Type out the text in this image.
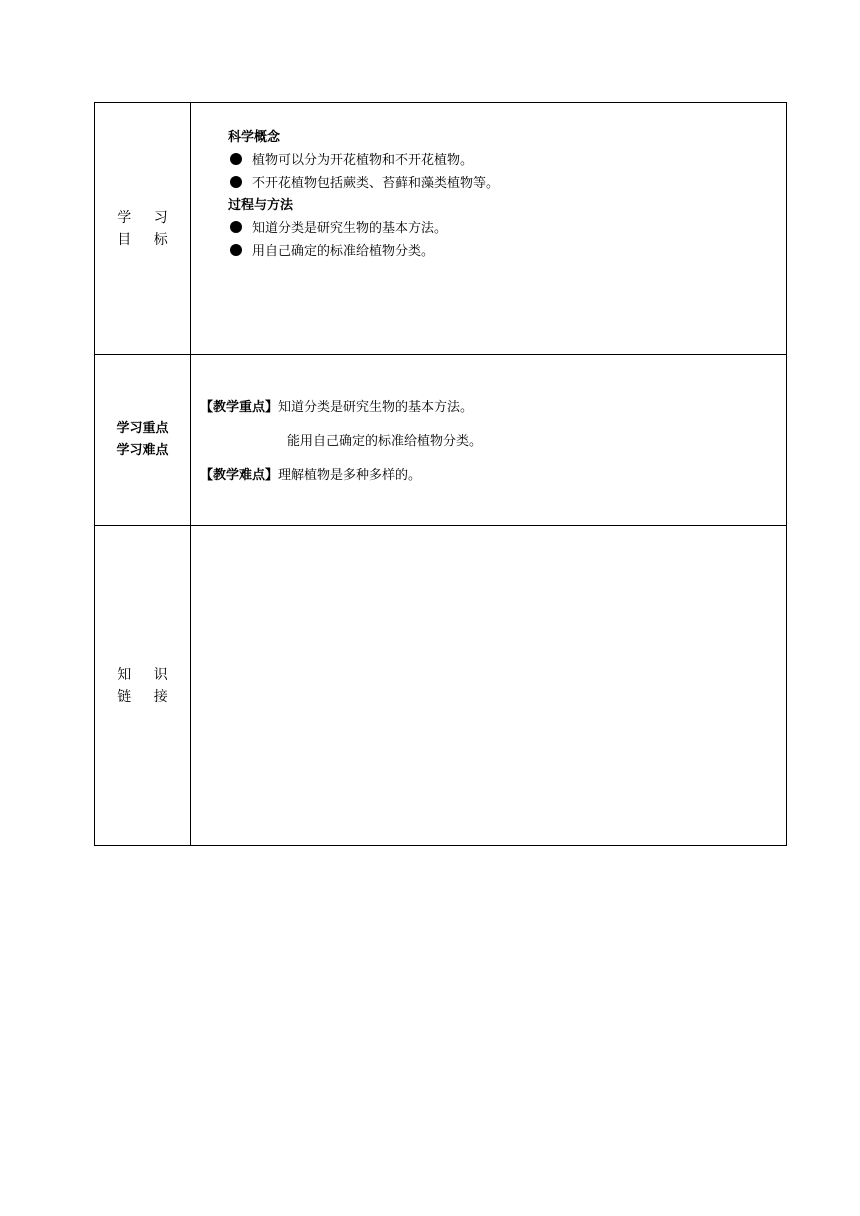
学 习
目 标
科学概念
植物可以分为开花植物和不开花植物。
不开花植物包括蕨类、苔藓和藻类植物等。
过程与方法
知道分类是研究生物的基本方法。
用自己确定的标准给植物分类。
学习重点
学习难点
【教学重点】知道分类是研究生物的基本方法。
能用自己确定的标准给植物分类。
【教学难点】理解植物是多种多样的。
知 识
链 接
